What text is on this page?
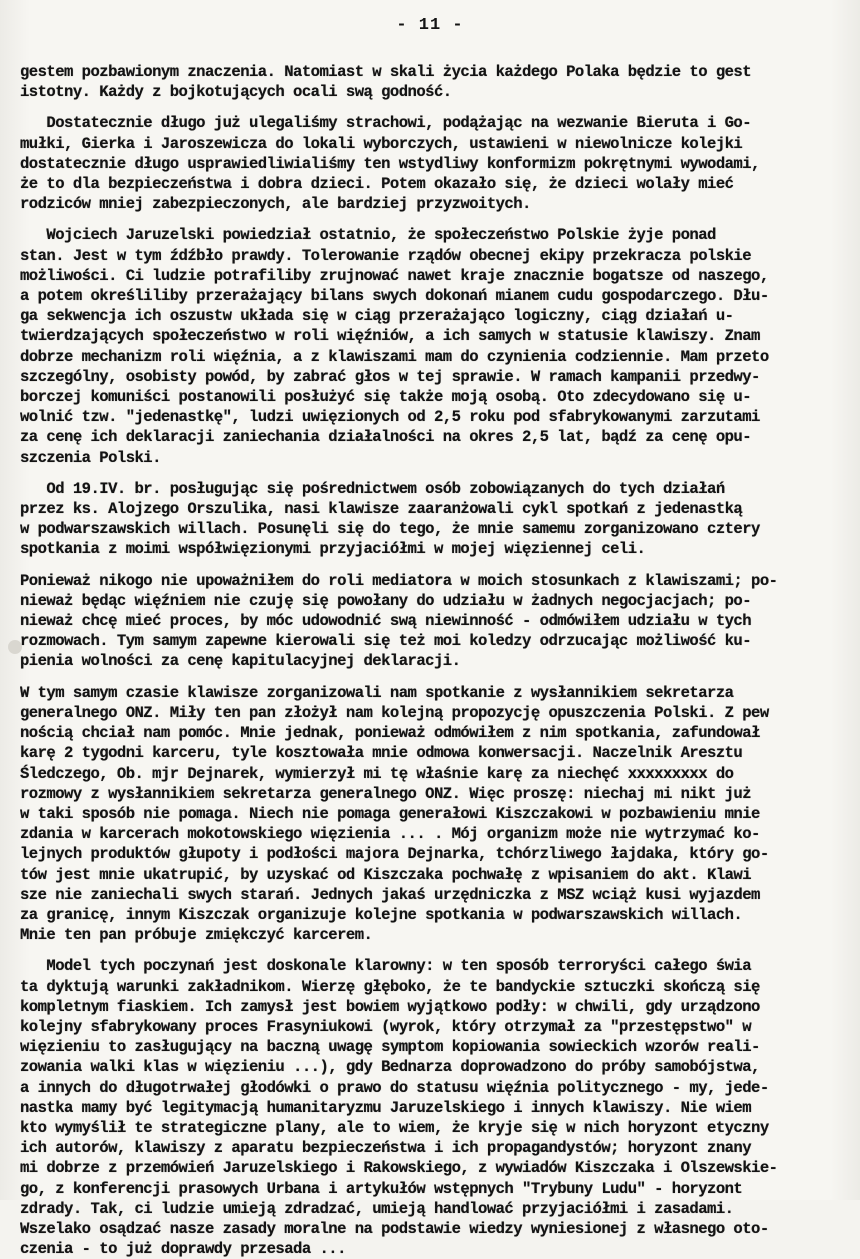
- 11 -
gestem pozbawionym znaczenia. Natomiast w skali życia każdego Polaka będzie to gest
istotny. Każdy z bojkotujących ocali swą godność.
Dostatecznie długo już ulegaliśmy strachowi, podążając na wezwanie Bieruta i Go-
mułki, Gierka i Jaroszewicza do lokali wyborczych, ustawieni w niewolnicze kolejki
dostatecznie długo usprawiedliwialiśmy ten wstydliwy konformizm pokrętnymi wywodami,
że to dla bezpieczeństwa i dobra dzieci. Potem okazało się, że dzieci wolały mieć
rodziców mniej zabezpieczonych, ale bardziej przyzwoitych.
Wojciech Jaruzelski powiedział ostatnio, że społeczeństwo Polskie żyje ponad
stan. Jest w tym źdźbło prawdy. Tolerowanie rządów obecnej ekipy przekracza polskie
możliwości. Ci ludzie potrafiliby zrujnować nawet kraje znacznie bogatsze od naszego,
a potem określiliby przerażający bilans swych dokonań mianem cudu gospodarczego. Dłu-
ga sekwencja ich oszustw układa się w ciąg przerażająco logiczny, ciąg działań u-
twierdzających społeczeństwo w roli więźniów, a ich samych w statusie klawiszy. Znam
dobrze mechanizm roli więźnia, a z klawiszami mam do czynienia codziennie. Mam przeto
szczególny, osobisty powód, by zabrać głos w tej sprawie. W ramach kampanii przedwy-
borczej komuniści postanowili posłużyć się także moją osobą. Oto zdecydowano się u-
wolnić tzw. "jedenastkę", ludzi uwięzionych od 2,5 roku pod sfabrykowanymi zarzutami
za cenę ich deklaracji zaniechania działalności na okres 2,5 lat, bądź za cenę opu-
szczenia Polski.
Od 19.IV. br. posługując się pośrednictwem osób zobowiązanych do tych działań
przez ks. Alojzego Orszulika, nasi klawisze zaaranżowali cykl spotkań z jedenastką
w podwarszawskich willach. Posunęli się do tego, że mnie samemu zorganizowano cztery
spotkania z moimi współwięzionymi przyjaciółmi w mojej więziennej celi.
Ponieważ nikogo nie upoważniłem do roli mediatora w moich stosunkach z klawiszami; po-
nieważ będąc więźniem nie czuję się powołany do udziału w żadnych negocjacjach; po-
nieważ chcę mieć proces, by móc udowodnić swą niewinność - odmówiłem udziału w tych
rozmowach. Tym samym zapewne kierowali się też moi koledzy odrzucając możliwość ku-
pienia wolności za cenę kapitulacyjnej deklaracji.
W tym samym czasie klawisze zorganizowali nam spotkanie z wysłannikiem sekretarza
generalnego ONZ. Miły ten pan złożył nam kolejną propozycję opuszczenia Polski. Z pew
nością chciał nam pomóc. Mnie jednak, ponieważ odmówiłem z nim spotkania, zafundował
karę 2 tygodni karceru, tyle kosztowała mnie odmowa konwersacji. Naczelnik Aresztu
Śledczego, Ob. mjr Dejnarek, wymierzył mi tę właśnie karę za niechęć xxxxxxxxx do
rozmowy z wysłannikiem sekretarza generalnego ONZ. Więc proszę: niechaj mi nikt już
w taki sposób nie pomaga. Niech nie pomaga generałowi Kiszczakowi w pozbawieniu mnie
zdania w karcerach mokotowskiego więzienia ... . Mój organizm może nie wytrzymać ko-
lejnych produktów głupoty i podłości majora Dejnarka, tchórzliwego łajdaka, który go-
tów jest mnie ukatrupić, by uzyskać od Kiszczaka pochwałę z wpisaniem do akt. Klawi
sze nie zaniechali swych starań. Jednych jakaś urzędniczka z MSZ wciąż kusi wyjazdem
za granicę, innym Kiszczak organizuje kolejne spotkania w podwarszawskich willach.
Mnie ten pan próbuje zmiękczyć karcerem.
Model tych poczynań jest doskonale klarowny: w ten sposób terroryści całego świa
ta dyktują warunki zakładnikom. Wierzę głęboko, że te bandyckie sztuczki skończą się
kompletnym fiaskiem. Ich zamysł jest bowiem wyjątkowo podły: w chwili, gdy urządzono
kolejny sfabrykowany proces Frasyniukowi (wyrok, który otrzymał za "przestępstwo" w
więzieniu to zasługujący na baczną uwagę symptom kopiowania sowieckich wzorów reali-
zowania walki klas w więzieniu ...), gdy Bednarza doprowadzono do próby samobójstwa,
a innych do długotrwałej głodówki o prawo do statusu więźnia politycznego - my, jede-
nastka mamy być legitymacją humanitaryzmu Jaruzelskiego i innych klawiszy. Nie wiem
kto wymyślił te strategiczne plany, ale to wiem, że kryje się w nich horyzont etyczny
ich autorów, klawiszy z aparatu bezpieczeństwa i ich propagandystów; horyzont znany
mi dobrze z przemówień Jaruzelskiego i Rakowskiego, z wywiadów Kiszczaka i Olszewskie-
go, z konferencji prasowych Urbana i artykułów wstępnych "Trybuny Ludu" - horyzont
zdrady. Tak, ci ludzie umieją zdradzać, umieją handlować przyjaciółmi i zasadami.
Wszelako osądzać nasze zasady moralne na podstawie wiedzy wyniesionej z własnego oto-
czenia - to już doprawdy przesada ...
